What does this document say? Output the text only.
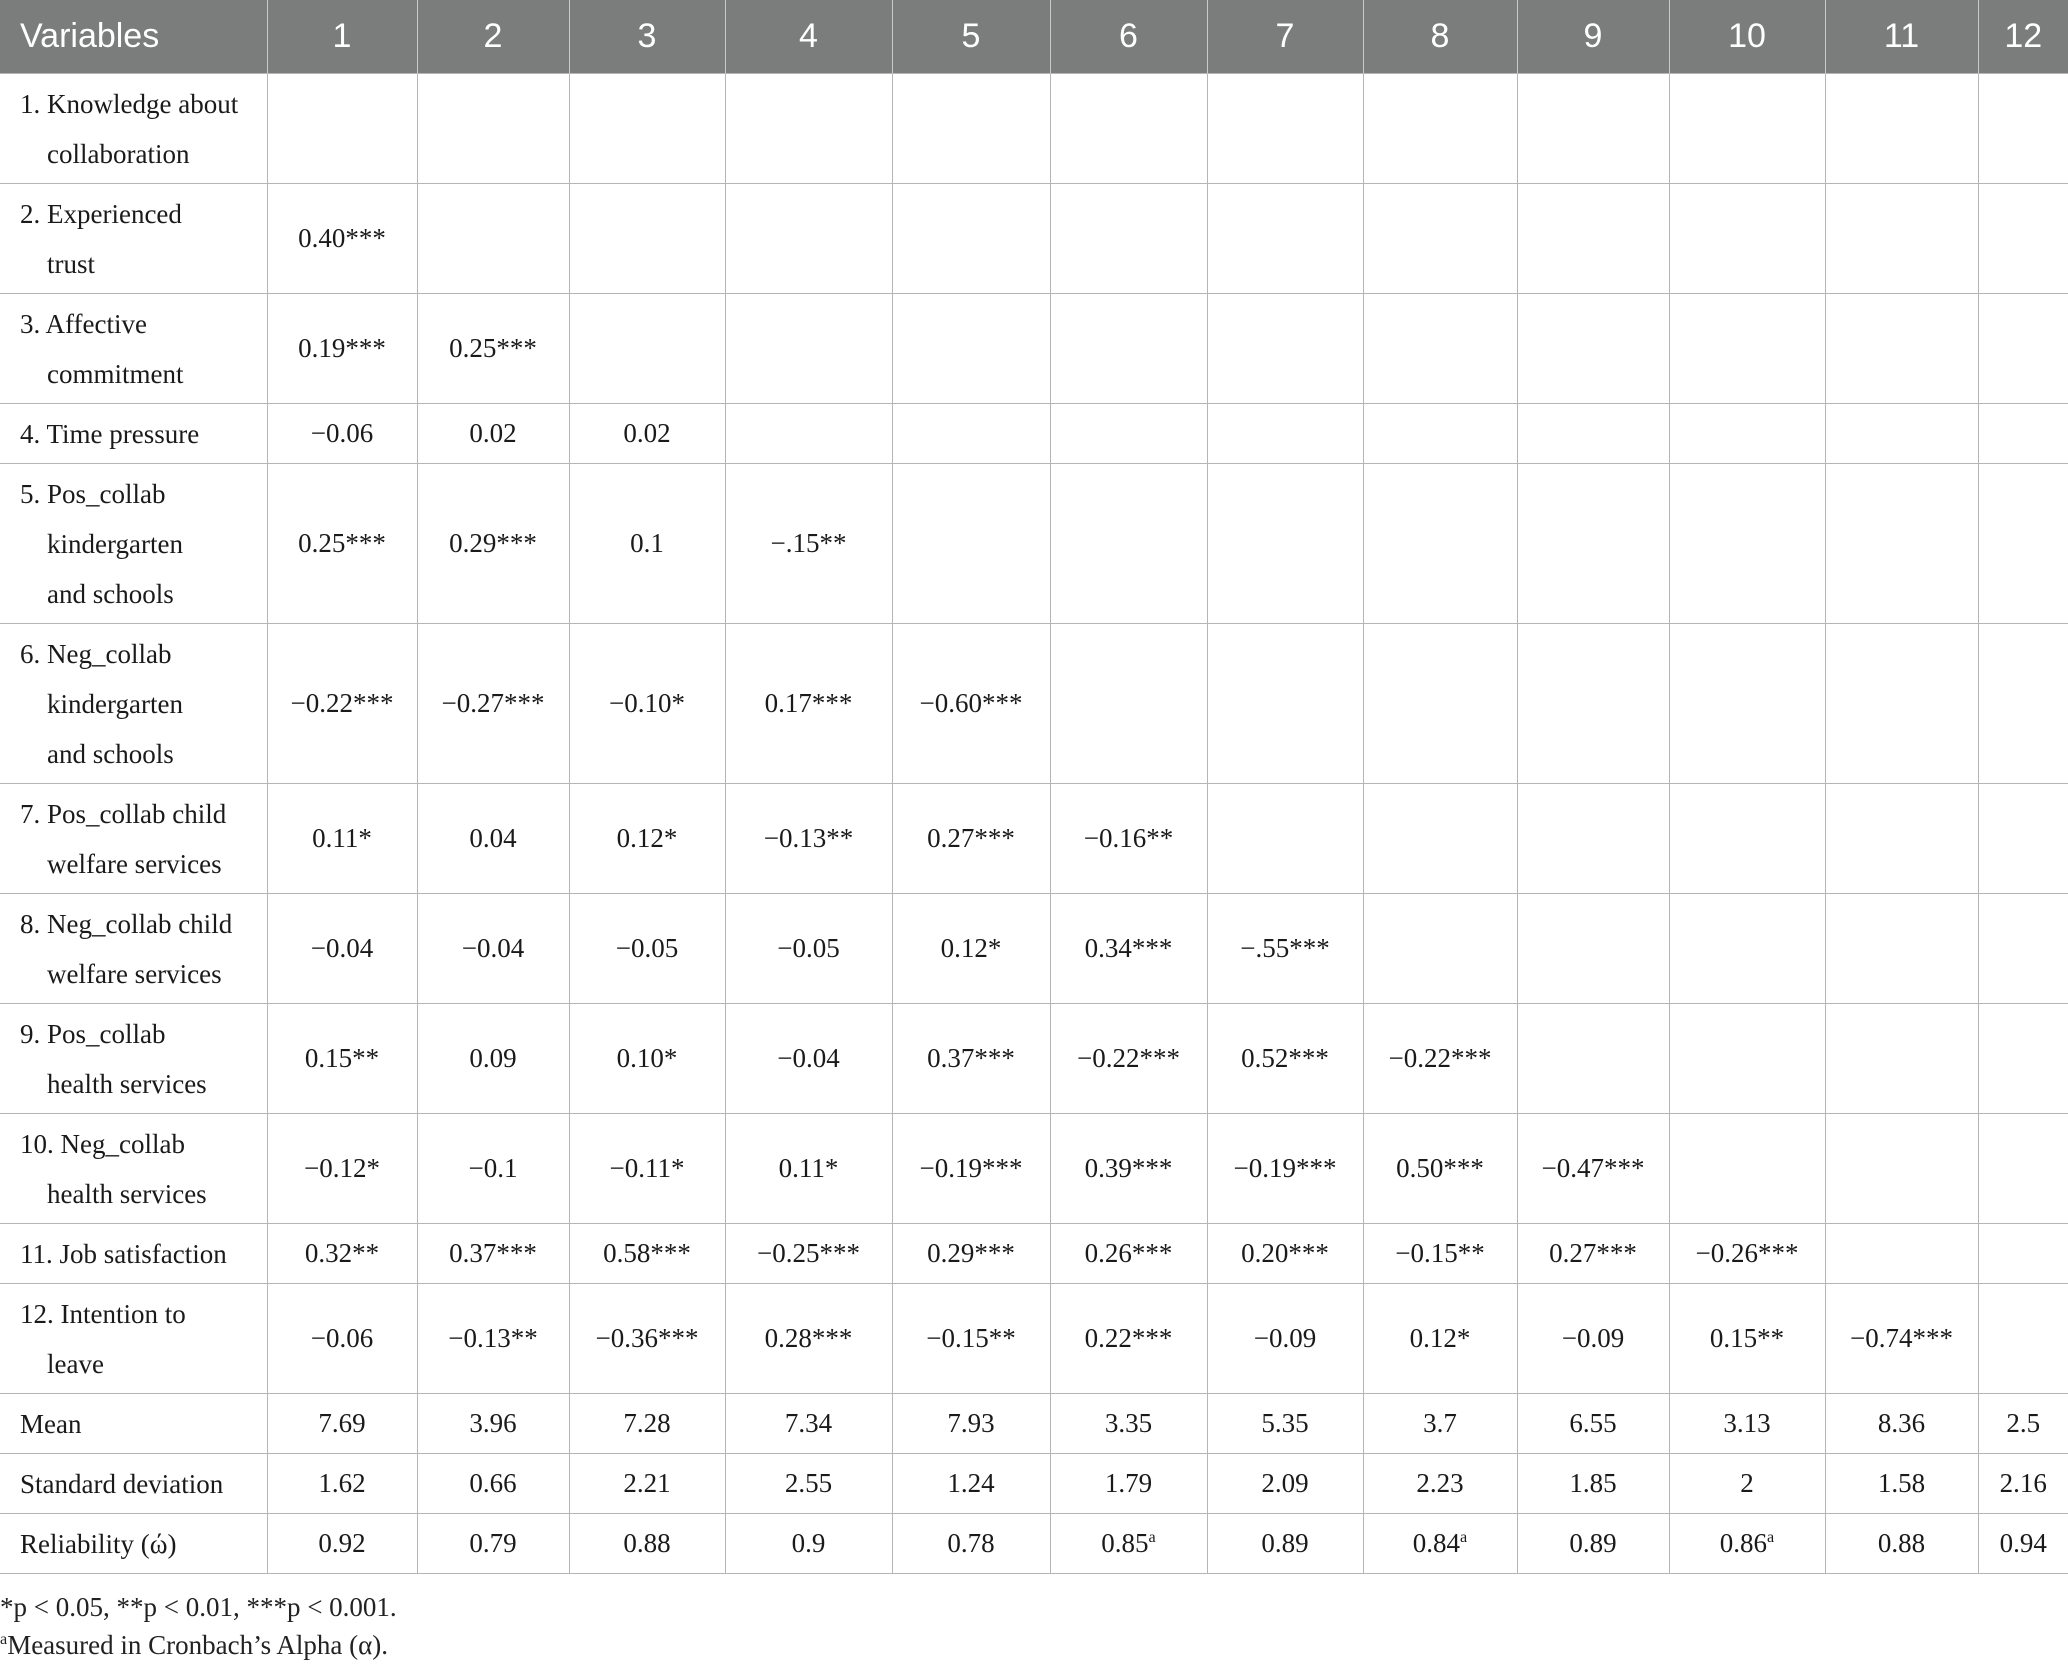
Variables	1	2	3	4	5	6	7	8	9	10	11	12

1. Knowledge about
collaboration												

2. Experienced
trust	0.40***											

3. Affective
commitment	0.19***	0.25***										

4. Time pressure	−0.06	0.02	0.02									

5. Pos_collab
kindergarten
and schools	0.25***	0.29***	0.1	−.15**								

6. Neg_collab
kindergarten
and schools	−0.22***	−0.27***	−0.10*	0.17***	−0.60***							

7. Pos_collab child
welfare services	0.11*	0.04	0.12*	−0.13**	0.27***	−0.16**						

8. Neg_collab child
welfare services	−0.04	−0.04	−0.05	−0.05	0.12*	0.34***	−.55***					

9. Pos_collab
health services	0.15**	0.09	0.10*	−0.04	0.37***	−0.22***	0.52***	−0.22***				

10. Neg_collab
health services	−0.12*	−0.1	−0.11*	0.11*	−0.19***	0.39***	−0.19***	0.50***	−0.47***			

11. Job satisfaction	0.32**	0.37***	0.58***	−0.25***	0.29***	0.26***	0.20***	−0.15**	0.27***	−0.26***		

12. Intention to
leave	−0.06	−0.13**	−0.36***	0.28***	−0.15**	0.22***	−0.09	0.12*	−0.09	0.15**	−0.74***	

Mean	7.69	3.96	7.28	7.34	7.93	3.35	5.35	3.7	6.55	3.13	8.36	2.5

Standard deviation	1.62	0.66	2.21	2.55	1.24	1.79	2.09	2.23	1.85	2	1.58	2.16

Reliability (ώ)	0.92	0.79	0.88	0.9	0.78	0.85$^a$	0.89	0.84$^a$	0.89	0.86$^a$	0.88	0.94
*p < 0.05, **p < 0.01, ***p < 0.001.
$^a$Measured in Cronbach’s Alpha (α).
